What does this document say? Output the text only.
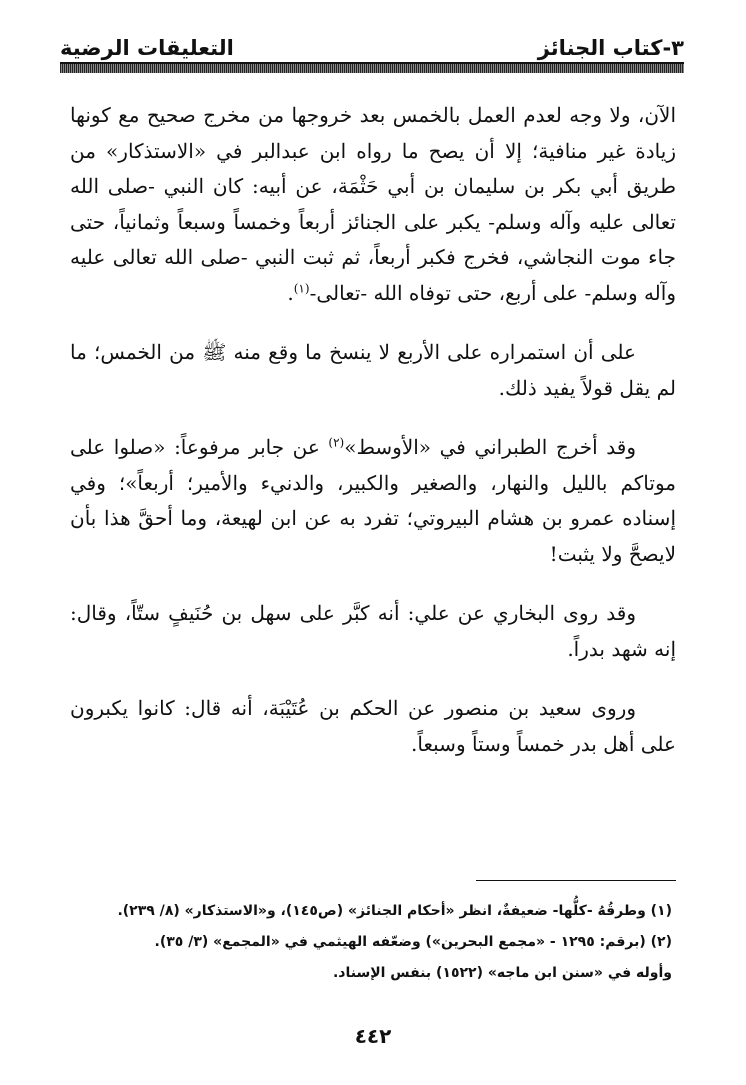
٣-كتاب الجنائز
التعليقات الرضية

الآن، ولا وجه لعدم العمل بالخمس بعد خروجها من مخرج صحيح مع كونها زيادة غير منافية؛ إلا أن يصح ما رواه ابن عبدالبر في «الاستذكار» من طريق أبي بكر بن سليمان بن أبي حَثْمَة، عن أبيه: كان النبي -صلى الله تعالى عليه وآله وسلم- يكبر على الجنائز أربعاً وخمساً وسبعاً وثمانياً، حتى جاء موت النجاشي، فخرج فكبر أربعاً، ثم ثبت النبي -صلى الله تعالى عليه وآله وسلم- على أربع، حتى توفاه الله -تعالى-$^{(١)}$.

على أن استمراره على الأربع لا ينسخ ما وقع منه ﷺ من الخمس؛ ما لم يقل قولاً يفيد ذلك.

وقد أخرج الطبراني في «الأوسط»$^{(٢)}$ عن جابر مرفوعاً: «صلوا على موتاكم بالليل والنهار، والصغير والكبير، والدنيء والأمير؛ أربعاً»؛ وفي إسناده عمرو بن هشام البيروتي؛ تفرد به عن ابن لهيعة، وما أحقَّ هذا بأن لايصحَّ ولا يثبت!

وقد روى البخاري عن علي: أنه كبَّر على سهل بن حُنَيفٍ ستّاً، وقال: إنه شهد بدراً.

وروى سعيد بن منصور عن الحكم بن عُتَيْبَة، أنه قال: كانوا يكبرون على أهل بدر خمساً وستاً وسبعاً.

(١) وطرقُهُ -كلُّها- ضعيفةٌ، انظر «أحكام الجنائز» (ص١٤٥)، و«الاستذكار» (٨/ ٢٣٩).

(٢) (برقم: ١٢٩٥ - «مجمع البحرين») وضعّفه الهيثمي في «المجمع» (٣/ ٣٥).

وأوله في «سنن ابن ماجه» (١٥٢٢) بنفس الإسناد.

٤٤٢
